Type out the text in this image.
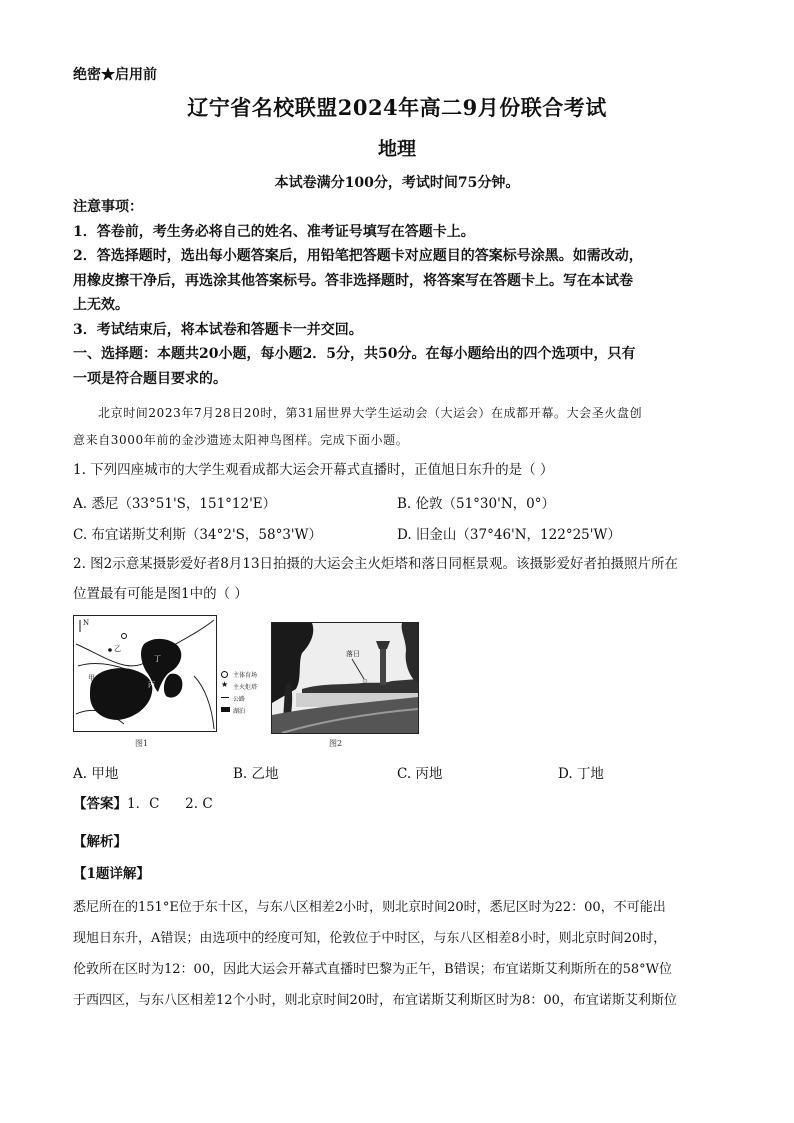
绝密★启用前
辽宁省名校联盟2024年高二9月份联合考试
地理
本试卷满分100分，考试时间75分钟。
注意事项：
1．答卷前，考生务必将自己的姓名、准考证号填写在答题卡上。
2．答选择题时，选出每小题答案后，用铅笔把答题卡对应题目的答案标号涂黑。如需改动，
用橡皮擦干净后，再选涂其他答案标号。答非选择题时，将答案写在答题卡上。写在本试卷
上无效。
3．考试结束后，将本试卷和答题卡一并交回。
一、选择题：本题共20小题，每小题2．5分，共50分。在每小题给出的四个选项中，只有
一项是符合题目要求的。
北京时间2023年7月28日20时，第31届世界大学生运动会（大运会）在成都开幕。大会圣火盘创
意来自3000年前的金沙遗迹太阳神鸟图样。完成下面小题。
1. 下列四座城市的大学生观看成都大运会开幕式直播时，正值旭日东升的是（ ）
A. 悉尼（33°51'S，151°12'E）	B. 伦敦（51°30'N，0°）
C. 布宜诺斯艾利斯（34°2'S，58°3'W）	D. 旧金山（37°46'N，122°25'W）
2. 图2示意某摄影爱好者8月13日拍摄的大运会主火炬塔和落日同框景观。该摄影爱好者拍摄照片所在
位置最有可能是图1中的（ ）
★
N
甲
乙
丙
丁
主体育场
★ 主火炬塔
公路
湖泊
图1
落日
图2
A. 甲地	B. 乙地	C. 丙地	D. 丁地
【答案】1．C      2. C
【解析】
【1题详解】
悉尼所在的151°E位于东十区，与东八区相差2小时，则北京时间20时，悉尼区时为22：00，不可能出
现旭日东升，A错误；由选项中的经度可知，伦敦位于中时区，与东八区相差8小时，则北京时间20时，
伦敦所在区时为12：00，因此大运会开幕式直播时巴黎为正午，B错误；布宜诺斯艾利斯所在的58°W位
于西四区，与东八区相差12个小时，则北京时间20时，布宜诺斯艾利斯区时为8：00，布宜诺斯艾利斯位
